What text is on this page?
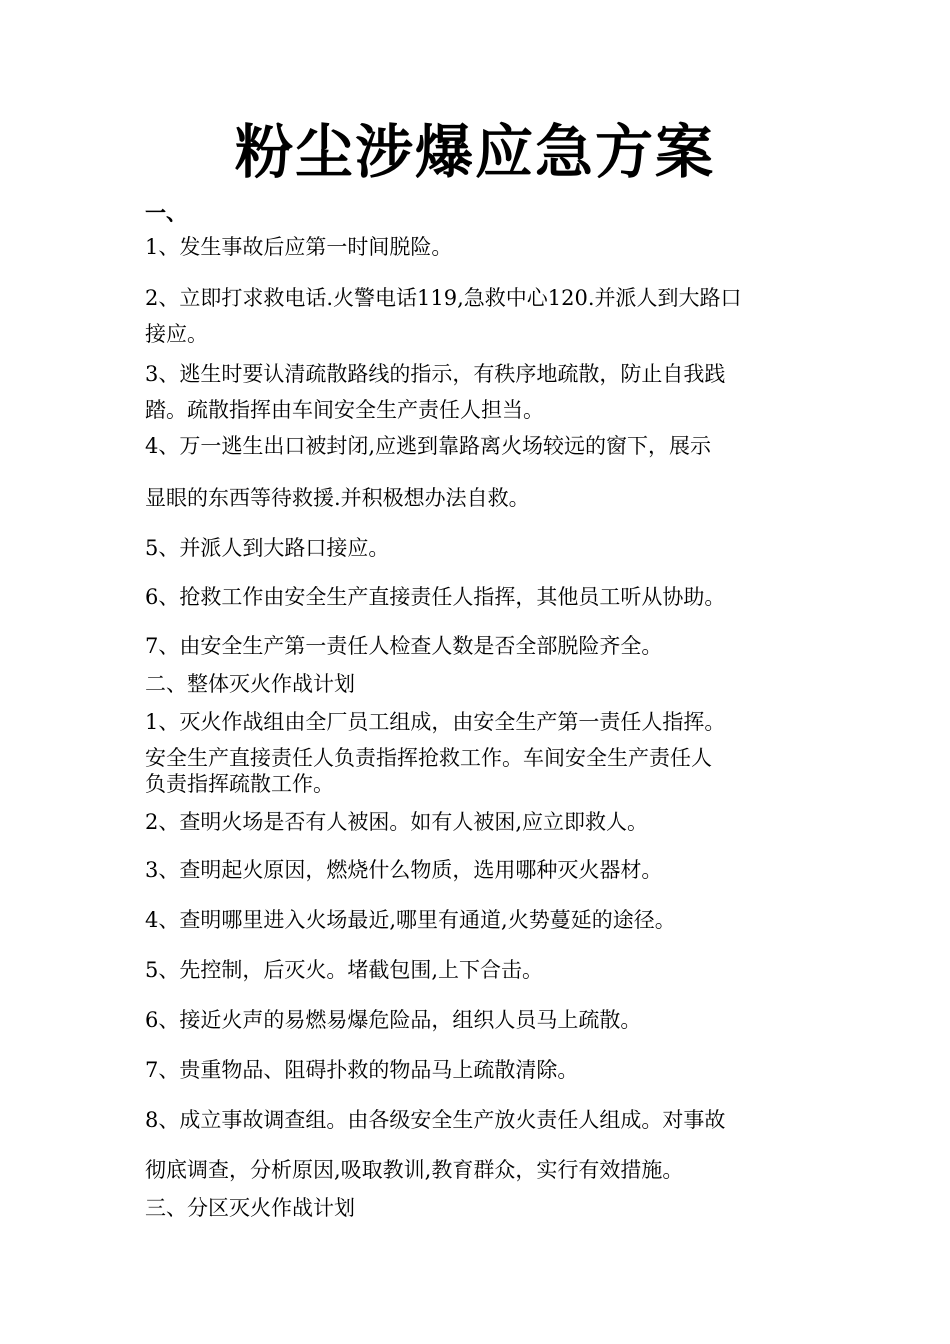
粉尘涉爆应急方案

一、

1、发生事故后应第一时间脱险。

2、立即打求救电话.火警电话119,急救中心120.并派人到大路口

接应。

3、逃生时要认清疏散路线的指示，有秩序地疏散，防止自我践

踏。疏散指挥由车间安全生产责任人担当。

4、万一逃生出口被封闭,应逃到靠路离火场较远的窗下，展示

显眼的东西等待救援.并积极想办法自救。

5、并派人到大路口接应。

6、抢救工作由安全生产直接责任人指挥，其他员工听从协助。

7、由安全生产第一责任人检查人数是否全部脱险齐全。

二、整体灭火作战计划

1、灭火作战组由全厂员工组成，由安全生产第一责任人指挥。

安全生产直接责任人负责指挥抢救工作。车间安全生产责任人

负责指挥疏散工作。

2、查明火场是否有人被困。如有人被困,应立即救人。

3、查明起火原因，燃烧什么物质，选用哪种灭火器材。

4、查明哪里进入火场最近,哪里有通道,火势蔓延的途径。

5、先控制，后灭火。堵截包围,上下合击。

6、接近火声的易燃易爆危险品，组织人员马上疏散。

7、贵重物品、阻碍扑救的物品马上疏散清除。

8、成立事故调查组。由各级安全生产放火责任人组成。对事故

彻底调查，分析原因,吸取教训,教育群众，实行有效措施。

三、分区灭火作战计划
